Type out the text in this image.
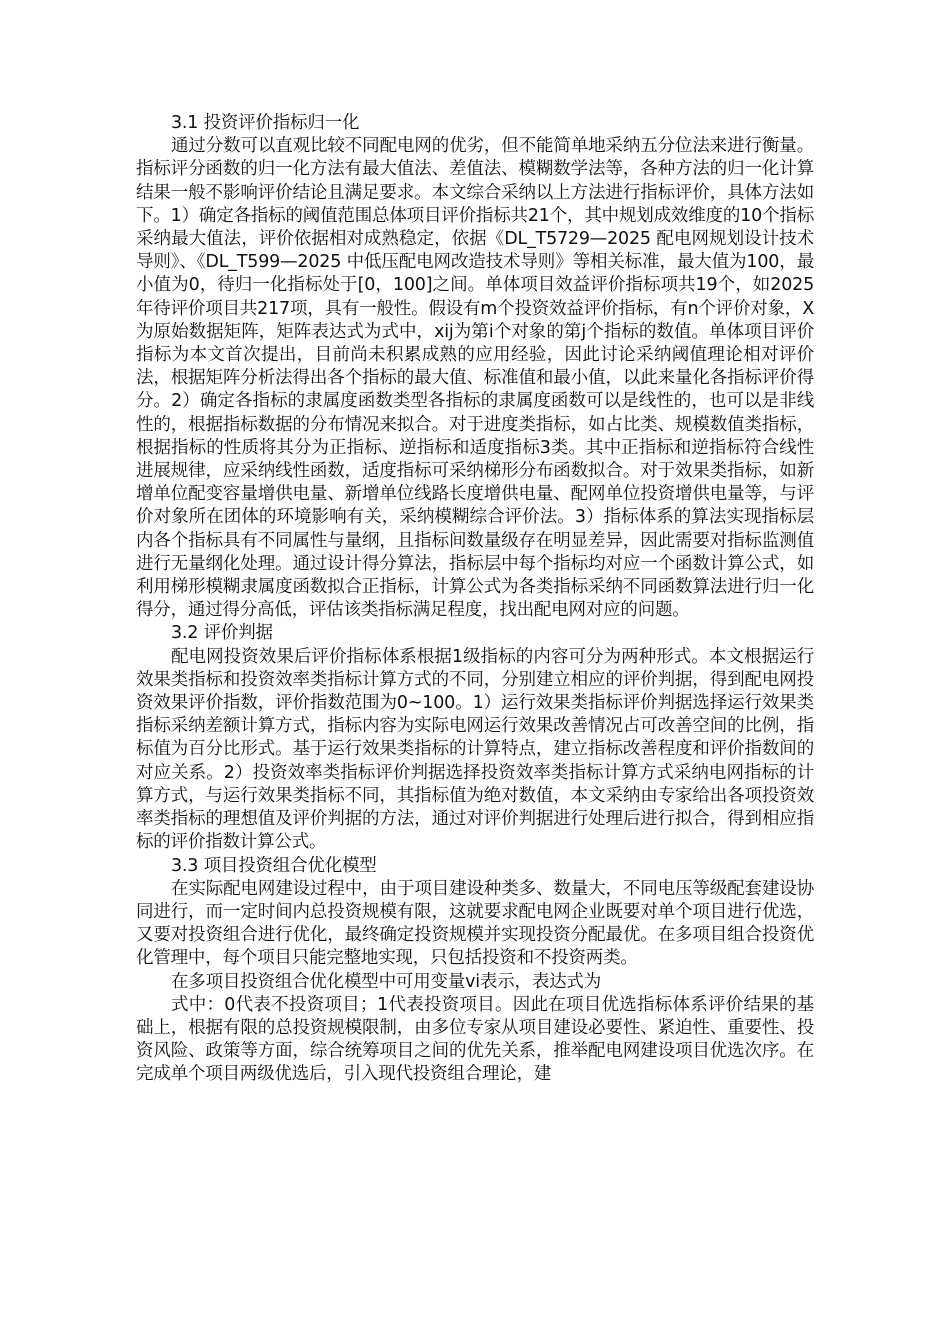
3.1 投资评价指标归一化

通过分数可以直观比较不同配电网的优劣，但不能简单地采纳五分位法来进行衡量。指标评分函数的归一化方法有最大值法、差值法、模糊数学法等，各种方法的归一化计算结果一般不影响评价结论且满足要求。本文综合采纳以上方法进行指标评价，具体方法如下。1）确定各指标的阈值范围总体项目评价指标共21个，其中规划成效维度的10个指标采纳最大值法，评价依据相对成熟稳定，依据《DL_T5729—2025 配电网规划设计技术导则》、《DL_T599—2025 中低压配电网改造技术导则》等相关标准，最大值为100，最小值为0，待归一化指标处于[0，100]之间。单体项目效益评价指标项共19个，如2025年待评价项目共217项，具有一般性。假设有m个投资效益评价指标，有n个评价对象，X为原始数据矩阵，矩阵表达式为式中，xij为第i个对象的第j个指标的数值。单体项目评价指标为本文首次提出，目前尚未积累成熟的应用经验，因此讨论采纳阈值理论相对评价法，根据矩阵分析法得出各个指标的最大值、标准值和最小值，以此来量化各指标评价得分。2）确定各指标的隶属度函数类型各指标的隶属度函数可以是线性的，也可以是非线性的，根据指标数据的分布情况来拟合。对于进度类指标，如占比类、规模数值类指标，根据指标的性质将其分为正指标、逆指标和适度指标3类。其中正指标和逆指标符合线性进展规律，应采纳线性函数，适度指标可采纳梯形分布函数拟合。对于效果类指标，如新增单位配变容量增供电量、新增单位线路长度增供电量、配网单位投资增供电量等，与评价对象所在团体的环境影响有关，采纳模糊综合评价法。3）指标体系的算法实现指标层内各个指标具有不同属性与量纲，且指标间数量级存在明显差异，因此需要对指标监测值进行无量纲化处理。通过设计得分算法，指标层中每个指标均对应一个函数计算公式，如利用梯形模糊隶属度函数拟合正指标，计算公式为各类指标采纳不同函数算法进行归一化得分，通过得分高低，评估该类指标满足程度，找出配电网对应的问题。

3.2 评价判据

配电网投资效果后评价指标体系根据1级指标的内容可分为两种形式。本文根据运行效果类指标和投资效率类指标计算方式的不同，分别建立相应的评价判据，得到配电网投资效果评价指数，评价指数范围为0~100。1）运行效果类指标评价判据选择运行效果类指标采纳差额计算方式，指标内容为实际电网运行效果改善情况占可改善空间的比例，指标值为百分比形式。基于运行效果类指标的计算特点，建立指标改善程度和评价指数间的对应关系。2）投资效率类指标评价判据选择投资效率类指标计算方式采纳电网指标的计算方式，与运行效果类指标不同，其指标值为绝对数值，本文采纳由专家给出各项投资效率类指标的理想值及评价判据的方法，通过对评价判据进行处理后进行拟合，得到相应指标的评价指数计算公式。

3.3 项目投资组合优化模型

在实际配电网建设过程中，由于项目建设种类多、数量大，不同电压等级配套建设协同进行，而一定时间内总投资规模有限，这就要求配电网企业既要对单个项目进行优选，又要对投资组合进行优化，最终确定投资规模并实现投资分配最优。在多项目组合投资优化管理中，每个项目只能完整地实现，只包括投资和不投资两类。

在多项目投资组合优化模型中可用变量vi表示，表达式为

式中：0代表不投资项目；1代表投资项目。因此在项目优选指标体系评价结果的基础上，根据有限的总投资规模限制，由多位专家从项目建设必要性、紧迫性、重要性、投资风险、政策等方面，综合统筹项目之间的优先关系，推举配电网建设项目优选次序。在完成单个项目两级优选后，引入现代投资组合理论，建
